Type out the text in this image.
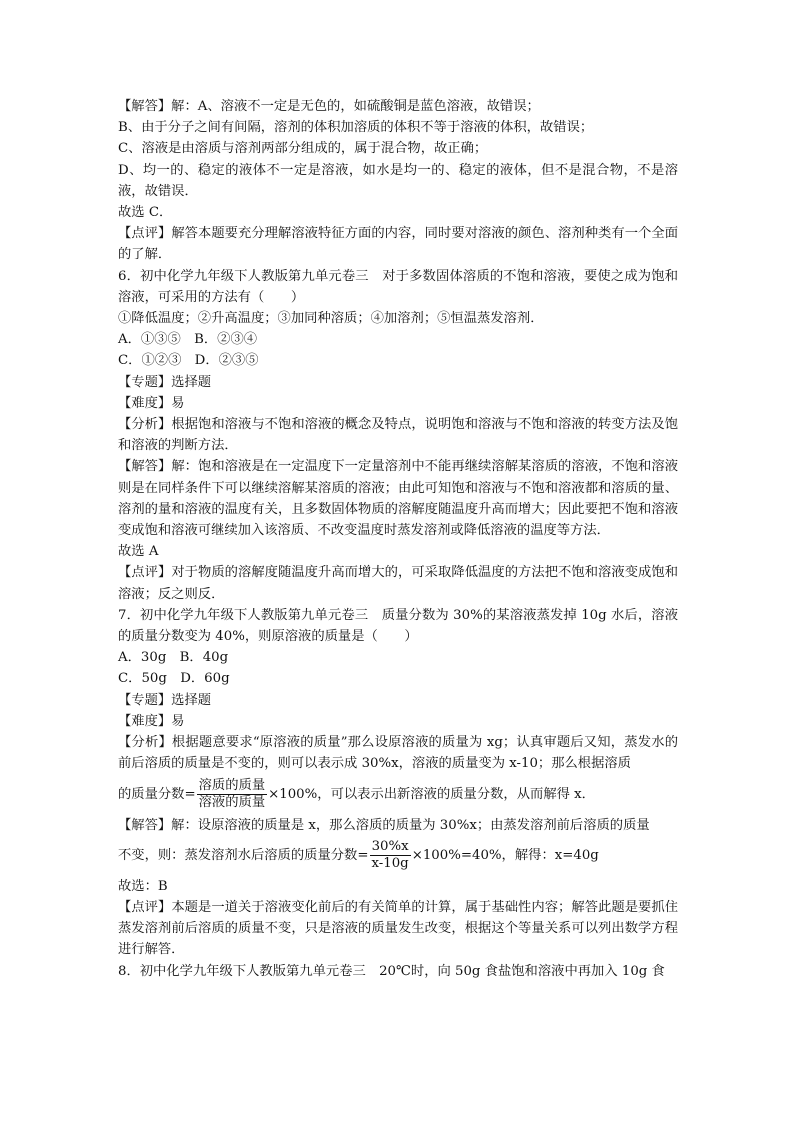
【解答】解：A、溶液不一定是无色的，如硫酸铜是蓝色溶液，故错误；

B、由于分子之间有间隔，溶剂的体积加溶质的体积不等于溶液的体积，故错误；

C、溶液是由溶质与溶剂两部分组成的，属于混合物，故正确；

D、均一的、稳定的液体不一定是溶液，如水是均一的、稳定的液体，但不是混合物，不是溶液，故错误．

故选 C．

【点评】解答本题要充分理解溶液特征方面的内容，同时要对溶液的颜色、溶剂种类有一个全面的了解．

6．初中化学九年级下人教版第九单元卷三　对于多数固体溶质的不饱和溶液，要使之成为饱和溶液，可采用的方法有（　　）

①降低温度；②升高温度；③加同种溶质；④加溶剂；⑤恒温蒸发溶剂．

A．①③⑤　B．②③④

C．①②③　D．②③⑤

【专题】选择题

【难度】易

【分析】根据饱和溶液与不饱和溶液的概念及特点，说明饱和溶液与不饱和溶液的转变方法及饱和溶液的判断方法．

【解答】解：饱和溶液是在一定温度下一定量溶剂中不能再继续溶解某溶质的溶液，不饱和溶液则是在同样条件下可以继续溶解某溶质的溶液；由此可知饱和溶液与不饱和溶液都和溶质的量、溶剂的量和溶液的温度有关，且多数固体物质的溶解度随温度升高而增大；因此要把不饱和溶液变成饱和溶液可继续加入该溶质、不改变温度时蒸发溶剂或降低溶液的温度等方法．

故选 A

【点评】对于物质的溶解度随温度升高而增大的，可采取降低温度的方法把不饱和溶液变成饱和溶液；反之则反．

7．初中化学九年级下人教版第九单元卷三　质量分数为 30%的某溶液蒸发掉 10g 水后，溶液的质量分数变为 40%，则原溶液的质量是（　　）

A．30g　B．40g

C．50g　D．60g

【专题】选择题

【难度】易

【分析】根据题意要求“原溶液的质量”那么设原溶液的质量为 xg；认真审题后又知，蒸发水的前后溶质的质量是不变的，则可以表示成 30%x，溶液的质量变为 x-10；那么根据溶质

的质量分数= $\frac{\text{溶质的质量}}{\text{溶液的质量}} \times 100\%$，可以表示出新溶液的质量分数，从而解得 x．

【解答】解：设原溶液的质量是 x，那么溶质的质量为 30%x；由蒸发溶剂前后溶质的质量

不变，则：蒸发溶剂水后溶质的质量分数= $\frac{30\%x}{x-10g} \times 100\%=40\%$，解得：x=40g

故选：B

【点评】本题是一道关于溶液变化前后的有关简单的计算，属于基础性内容；解答此题是要抓住蒸发溶剂前后溶质的质量不变，只是溶液的质量发生改变，根据这个等量关系可以列出数学方程进行解答．

8．初中化学九年级下人教版第九单元卷三　20℃时，向 50g 食盐饱和溶液中再加入 10g 食
